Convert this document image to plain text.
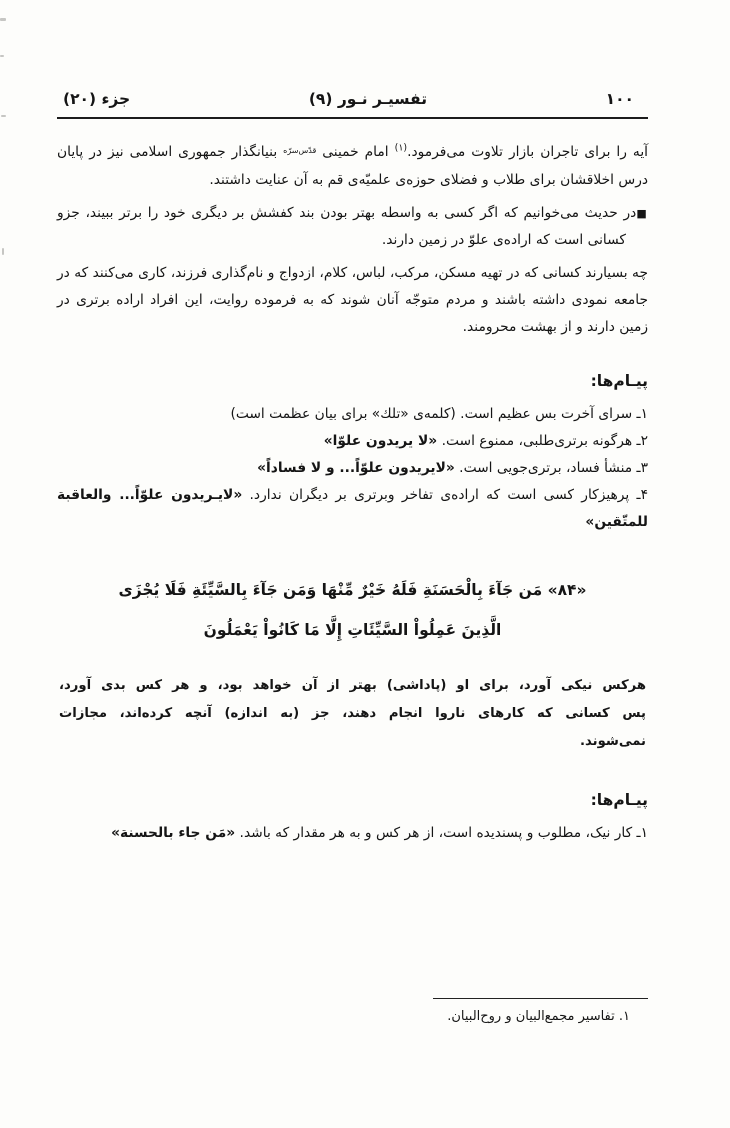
۱۰۰
تفسیـر نـور (۹)
جزء (۲۰)

آیه را برای تاجران بازار تلاوت می‌فرمود.$^{(۱)}$ امام خمینی قدّس‌سرّه بنیانگذار جمهوری اسلامی نیز در پایان درس اخلاقشان برای طلاب و فضلای حوزه‌ی علمیّه‌ی قم به آن عنایت داشتند.

■در حدیث می‌خوانیم که اگر کسی به واسطه بهتر بودن بند کفشش بر دیگری خود را برتر ببیند، جزو کسانی است که اراده‌ی علوّ در زمین دارند.

چه بسیارند کسانی که در تهیه مسکن، مرکب، لباس، کلام، ازدواج و نام‌گذاری فرزند، کاری می‌کنند که در جامعه نمودی داشته باشند و مردم متوجّه آنان شوند که به فرموده روایت، این افراد اراده برتری در زمین دارند و از بهشت محرومند.

پیـام‌ها:

۱ـ سرای آخرت بس عظیم است. (کلمه‌ی «تلك» برای بیان عظمت است)

۲ـ هرگونه برتری‌طلبی، ممنوع است. «لا یریدون علوّا»

۳ـ منشأ فساد، برتری‌جویی است. «لایریدون علوّاً... و لا فساداً»

۴ـ پرهیزکار کسی است که اراده‌ی تفاخر وبرتری بر دیگران ندارد. «لایـریدون علوّاً... والعاقبة للمتّقین»

«۸۴» مَن جَآءَ بِالْحَسَنَةِ فَلَهُ خَیْرٌ مِّنْهَا وَمَن جَآءَ بِالسَّیِّئَةِ فَلَا یُجْزَی
الَّذِینَ عَمِلُواْ السَّیِّئَاتِ إِلَّا مَا کَانُواْ یَعْمَلُونَ

هرکس نیکی آورد، برای او (پاداشی) بهتر از آن خواهد بود، و هر کس بدی آورد، پس کسانی که کارهای ناروا انجام دهند، جز (به اندازه) آنچه کرده‌اند، مجازات نمی‌شوند.

پیـام‌ها:

۱ـ کار نیک، مطلوب و پسندیده است، از هر کس و به هر مقدار که باشد. «مَن جاء بالحسنة»

۱. تفاسیر مجمع‌البیان و روح‌البیان.
